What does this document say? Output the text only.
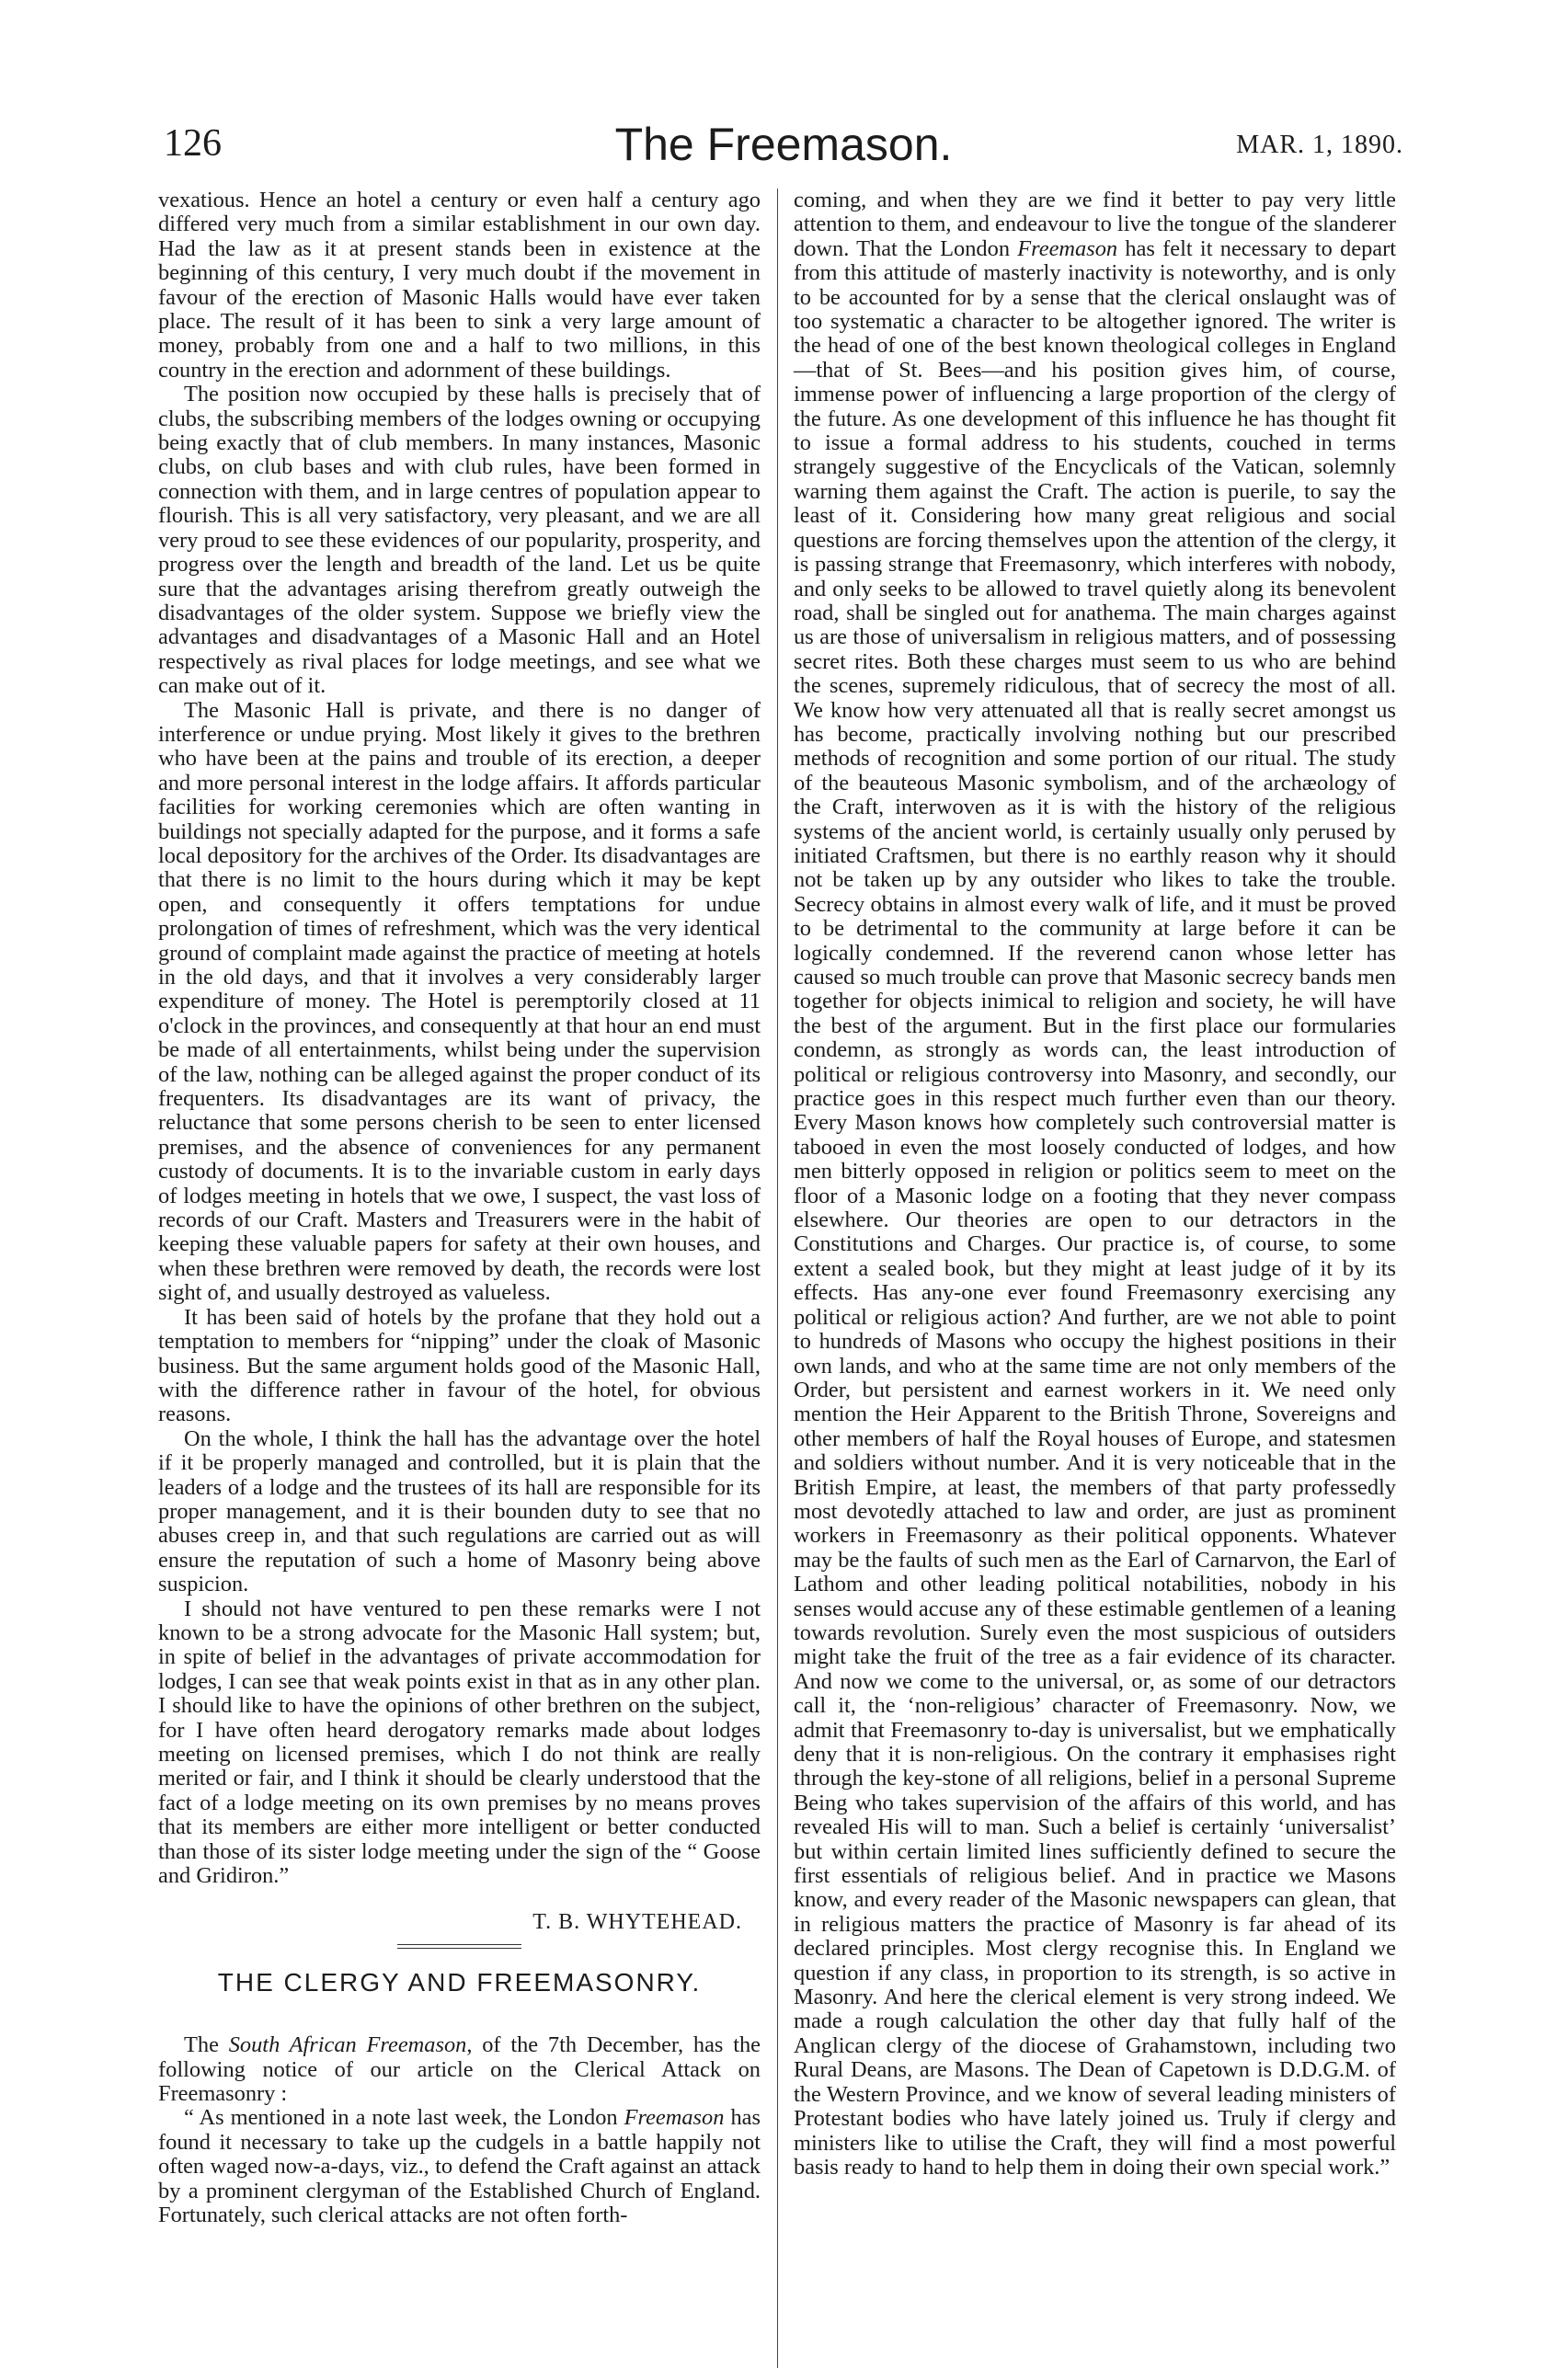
126	The Freemason.	MAR. 1, 1890.

vexatious. Hence an hotel a century or even half a century ago differed very much from a similar establishment in our own day. Had the law as it at present stands been in existence at the beginning of this century, I very much doubt if the movement in favour of the erection of Masonic Halls would have ever taken place. The result of it has been to sink a very large amount of money, probably from one and a half to two millions, in this country in the erection and adornment of these buildings.

The position now occupied by these halls is precisely that of clubs, the subscribing members of the lodges owning or occupying being exactly that of club members. In many instances, Masonic clubs, on club bases and with club rules, have been formed in connection with them, and in large centres of population appear to flourish. This is all very satisfactory, very pleasant, and we are all very proud to see these evidences of our popularity, prosperity, and progress over the length and breadth of the land. Let us be quite sure that the advantages arising therefrom greatly outweigh the disadvantages of the older system. Suppose we briefly view the advantages and disadvantages of a Masonic Hall and an Hotel respectively as rival places for lodge meetings, and see what we can make out of it.

The Masonic Hall is private, and there is no danger of interference or undue prying. Most likely it gives to the brethren who have been at the pains and trouble of its erection, a deeper and more personal interest in the lodge affairs. It affords particular facilities for working ceremonies which are often wanting in buildings not specially adapted for the purpose, and it forms a safe local depository for the archives of the Order. Its disadvantages are that there is no limit to the hours during which it may be kept open, and consequently it offers temptations for undue prolongation of times of refreshment, which was the very identical ground of complaint made against the practice of meeting at hotels in the old days, and that it involves a very considerably larger expenditure of money. The Hotel is peremptorily closed at 11 o'clock in the provinces, and consequently at that hour an end must be made of all entertainments, whilst being under the supervision of the law, nothing can be alleged against the proper conduct of its frequenters. Its disadvantages are its want of privacy, the reluctance that some persons cherish to be seen to enter licensed premises, and the absence of conveniences for any permanent custody of documents. It is to the invariable custom in early days of lodges meeting in hotels that we owe, I suspect, the vast loss of records of our Craft. Masters and Treasurers were in the habit of keeping these valuable papers for safety at their own houses, and when these brethren were removed by death, the records were lost sight of, and usually destroyed as valueless.

It has been said of hotels by the profane that they hold out a temptation to members for “nipping” under the cloak of Masonic business. But the same argument holds good of the Masonic Hall, with the difference rather in favour of the hotel, for obvious reasons.

On the whole, I think the hall has the advantage over the hotel if it be properly managed and controlled, but it is plain that the leaders of a lodge and the trustees of its hall are responsible for its proper management, and it is their bounden duty to see that no abuses creep in, and that such regulations are carried out as will ensure the reputation of such a home of Masonry being above suspicion.

I should not have ventured to pen these remarks were I not known to be a strong advocate for the Masonic Hall system; but, in spite of belief in the advantages of private accommodation for lodges, I can see that weak points exist in that as in any other plan. I should like to have the opinions of other brethren on the subject, for I have often heard derogatory remarks made about lodges meeting on licensed premises, which I do not think are really merited or fair, and I think it should be clearly understood that the fact of a lodge meeting on its own premises by no means proves that its members are either more intelligent or better conducted than those of its sister lodge meeting under the sign of the “ Goose and Gridiron.”

T. B. WHYTEHEAD.
THE CLERGY AND FREEMASONRY.

The South African Freemason, of the 7th December, has the following notice of our article on the Clerical Attack on Freemasonry :

“ As mentioned in a note last week, the London Freemason has found it necessary to take up the cudgels in a battle happily not often waged now-a-days, viz., to defend the Craft against an attack by a prominent clergyman of the Established Church of England. Fortunately, such clerical attacks are not often forth-

coming, and when they are we find it better to pay very little attention to them, and endeavour to live the tongue of the slanderer down. That the London Freemason has felt it necessary to depart from this attitude of masterly inactivity is noteworthy, and is only to be accounted for by a sense that the clerical onslaught was of too systematic a character to be altogether ignored. The writer is the head of one of the best known theological colleges in England—that of St. Bees—and his position gives him, of course, immense power of influencing a large proportion of the clergy of the future. As one development of this influence he has thought fit to issue a formal address to his students, couched in terms strangely suggestive of the Encyclicals of the Vatican, solemnly warning them against the Craft. The action is puerile, to say the least of it. Considering how many great religious and social questions are forcing themselves upon the attention of the clergy, it is passing strange that Freemasonry, which interferes with nobody, and only seeks to be allowed to travel quietly along its benevolent road, shall be singled out for anathema. The main charges against us are those of universalism in religious matters, and of possessing secret rites. Both these charges must seem to us who are behind the scenes, supremely ridiculous, that of secrecy the most of all. We know how very attenuated all that is really secret amongst us has become, practically involving nothing but our prescribed methods of recognition and some portion of our ritual. The study of the beauteous Masonic symbolism, and of the archæology of the Craft, interwoven as it is with the history of the religious systems of the ancient world, is certainly usually only perused by initiated Craftsmen, but there is no earthly reason why it should not be taken up by any outsider who likes to take the trouble. Secrecy obtains in almost every walk of life, and it must be proved to be detrimental to the community at large before it can be logically condemned. If the reverend canon whose letter has caused so much trouble can prove that Masonic secrecy bands men together for objects inimical to religion and society, he will have the best of the argument. But in the first place our formularies condemn, as strongly as words can, the least introduction of political or religious controversy into Masonry, and secondly, our practice goes in this respect much further even than our theory. Every Mason knows how completely such controversial matter is tabooed in even the most loosely conducted of lodges, and how men bitterly opposed in religion or politics seem to meet on the floor of a Masonic lodge on a footing that they never compass elsewhere. Our theories are open to our detractors in the Constitutions and Charges. Our practice is, of course, to some extent a sealed book, but they might at least judge of it by its effects. Has any-one ever found Freemasonry exercising any political or religious action? And further, are we not able to point to hundreds of Masons who occupy the highest positions in their own lands, and who at the same time are not only members of the Order, but persistent and earnest workers in it. We need only mention the Heir Apparent to the British Throne, Sovereigns and other members of half the Royal houses of Europe, and statesmen and soldiers without number. And it is very noticeable that in the British Empire, at least, the members of that party professedly most devotedly attached to law and order, are just as prominent workers in Freemasonry as their political opponents. Whatever may be the faults of such men as the Earl of Carnarvon, the Earl of Lathom and other leading political notabilities, nobody in his senses would accuse any of these estimable gentlemen of a leaning towards revolution. Surely even the most suspicious of outsiders might take the fruit of the tree as a fair evidence of its character. And now we come to the universal, or, as some of our detractors call it, the ‘non-religious’ character of Freemasonry. Now, we admit that Freemasonry to-day is universalist, but we emphatically deny that it is non-religious. On the contrary it emphasises right through the key-stone of all religions, belief in a personal Supreme Being who takes supervision of the affairs of this world, and has revealed His will to man. Such a belief is certainly ‘universalist’ but within certain limited lines sufficiently defined to secure the first essentials of religious belief. And in practice we Masons know, and every reader of the Masonic newspapers can glean, that in religious matters the practice of Masonry is far ahead of its declared principles. Most clergy recognise this. In England we question if any class, in proportion to its strength, is so active in Masonry. And here the clerical element is very strong indeed. We made a rough calculation the other day that fully half of the Anglican clergy of the diocese of Grahamstown, including two Rural Deans, are Masons. The Dean of Capetown is D.D.G.M. of the Western Province, and we know of several leading ministers of Protestant bodies who have lately joined us. Truly if clergy and ministers like to utilise the Craft, they will find a most powerful basis ready to hand to help them in doing their own special work.”
